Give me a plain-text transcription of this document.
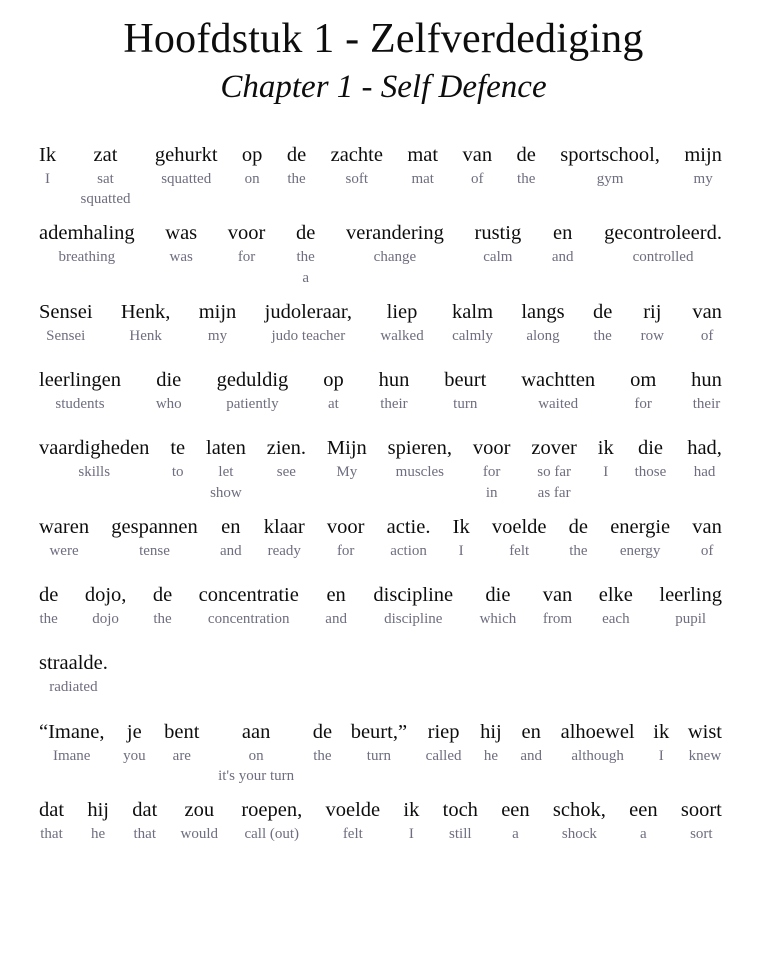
Hoofdstuk 1 - Zelfverdediging
Chapter 1 - Self Defence
Ik
I
zat
sat
squatted
gehurkt
squatted
op
on
de
the
zachte
soft
mat
mat
van
of
de
the
sportschool,
gym
mijn
my
ademhaling
breathing
was
was
voor
for
de
the
a
verandering
change
rustig
calm
en
and
gecontroleerd.
controlled
Sensei
Sensei
Henk,
Henk
mijn
my
judoleraar,
judo teacher
liep
walked
kalm
calmly
langs
along
de
the
rij
row
van
of
leerlingen
students
die
who
geduldig
patiently
op
at
hun
their
beurt
turn
wachtten
waited
om
for
hun
their
vaardigheden
skills
te
to
laten
let
show
zien.
see
Mijn
My
spieren,
muscles
voor
for
in
zover
so far
as far
ik
I
die
those
had,
had
waren
were
gespannen
tense
en
and
klaar
ready
voor
for
actie.
action
Ik
I
voelde
felt
de
the
energie
energy
van
of
de
the
dojo,
dojo
de
the
concentratie
concentration
en
and
discipline
discipline
die
which
van
from
elke
each
leerling
pupil
straalde.
radiated
“Imane,
Imane
je
you
bent
are
aan
on
it's your turn
de
the
beurt,”
turn
riep
called
hij
he
en
and
alhoewel
although
ik
I
wist
knew
dat
that
hij
he
dat
that
zou
would
roepen,
call (out)
voelde
felt
ik
I
toch
still
een
a
schok,
shock
een
a
soort
sort
